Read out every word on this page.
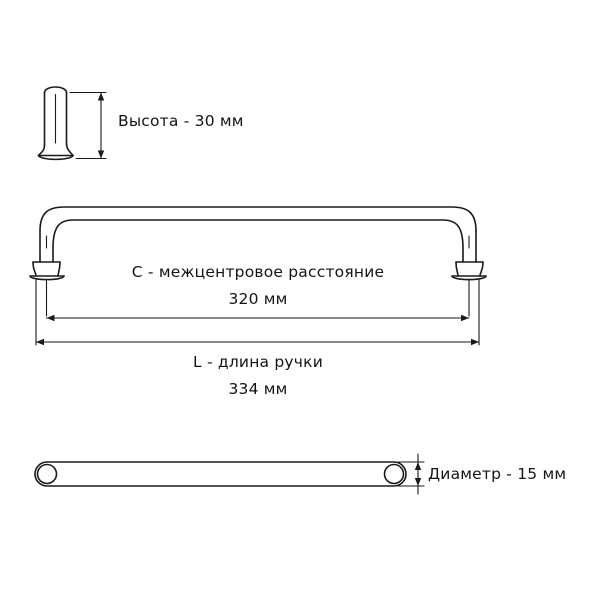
Высота - 30 мм
C - межцентровое расстояние
320 мм
L - длина ручки
334 мм
Диаметр - 15 мм
